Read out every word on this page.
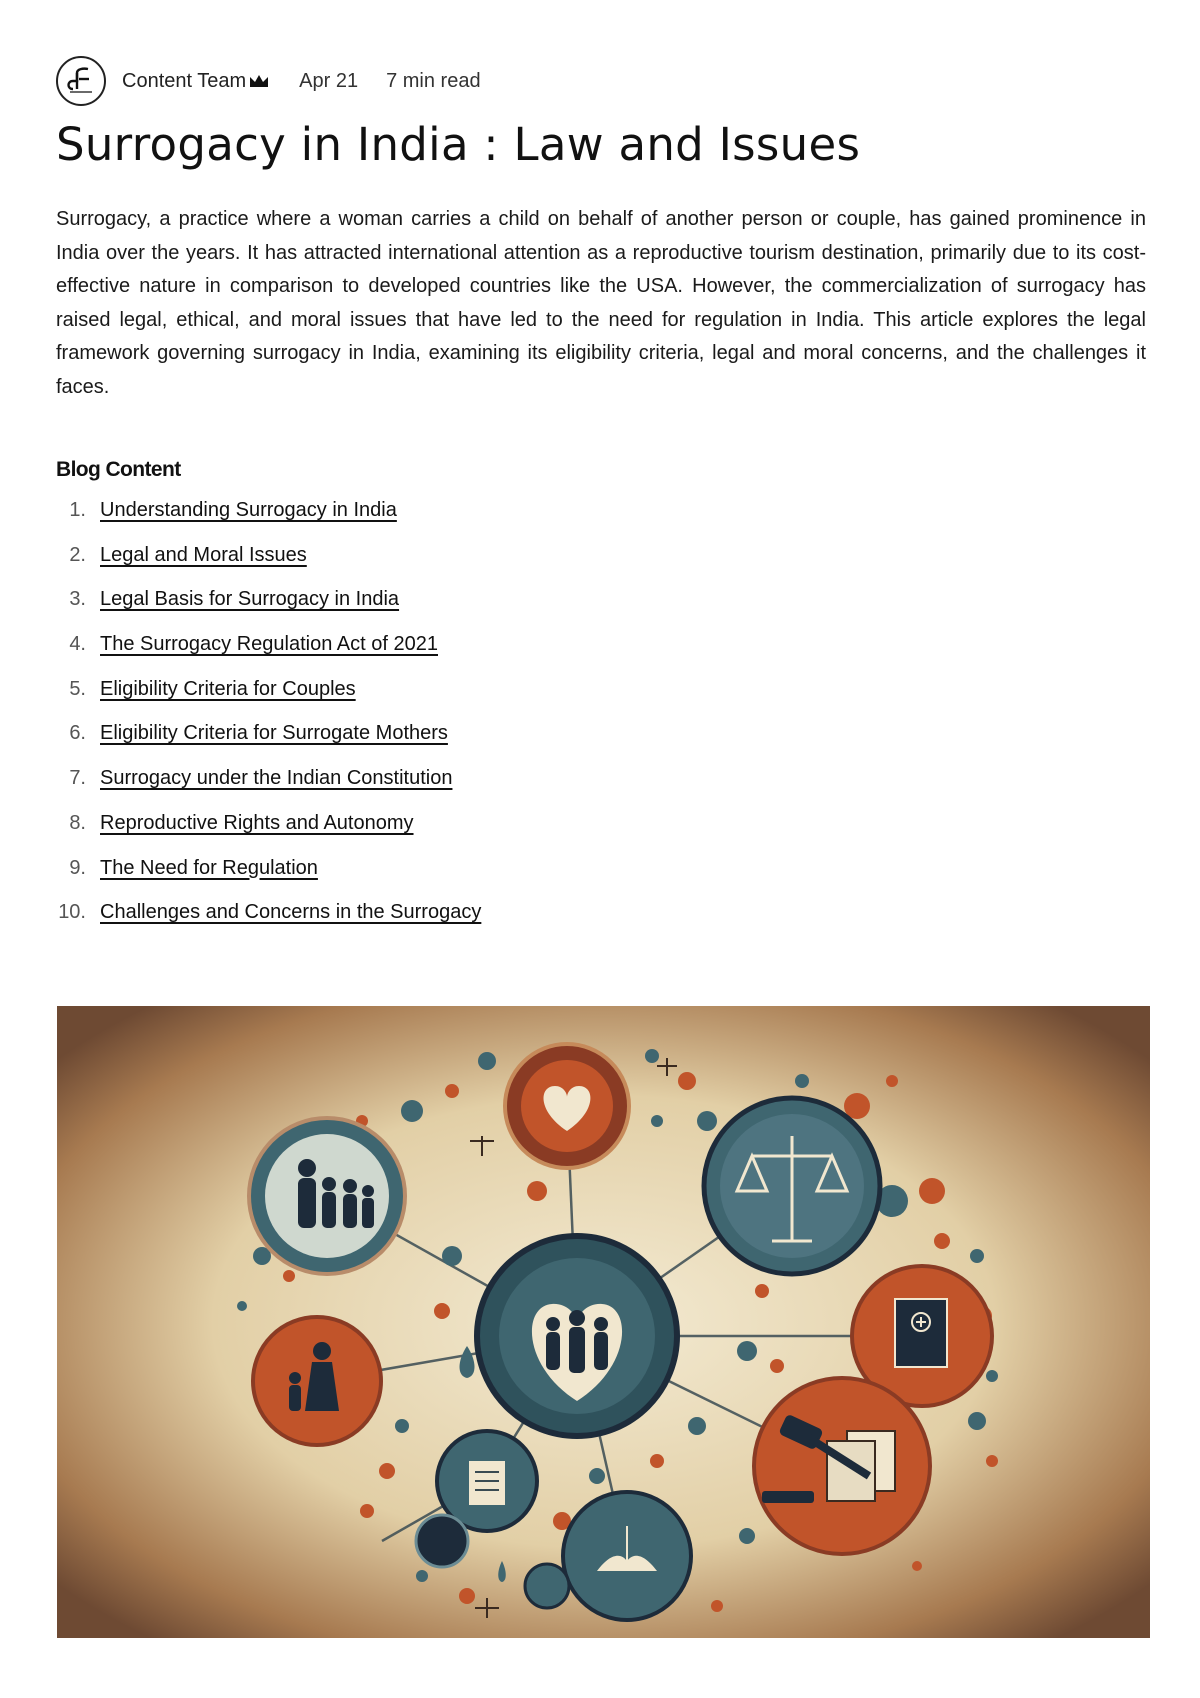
Content Team	Apr 21 7 min read
Surrogacy in India : Law and Issues

Surrogacy, a practice where a woman carries a child on behalf of another person or couple, has gained prominence in India over the years. It has attracted international attention as a reproductive tourism destination, primarily due to its cost-effective nature in comparison to developed countries like the USA. However, the commercialization of surrogacy has raised legal, ethical, and moral issues that have led to the need for regulation in India. This article explores the legal framework governing surrogacy in India, examining its eligibility criteria, legal and moral concerns, and the challenges it faces.

Blog Content
1. Understanding Surrogacy in India
2. Legal and Moral Issues
3. Legal Basis for Surrogacy in India
4. The Surrogacy Regulation Act of 2021
5. Eligibility Criteria for Couples
6. Eligibility Criteria for Surrogate Mothers
7. Surrogacy under the Indian Constitution
8. Reproductive Rights and Autonomy
9. The Need for Regulation
10. Challenges and Concerns in the Surrogacy
